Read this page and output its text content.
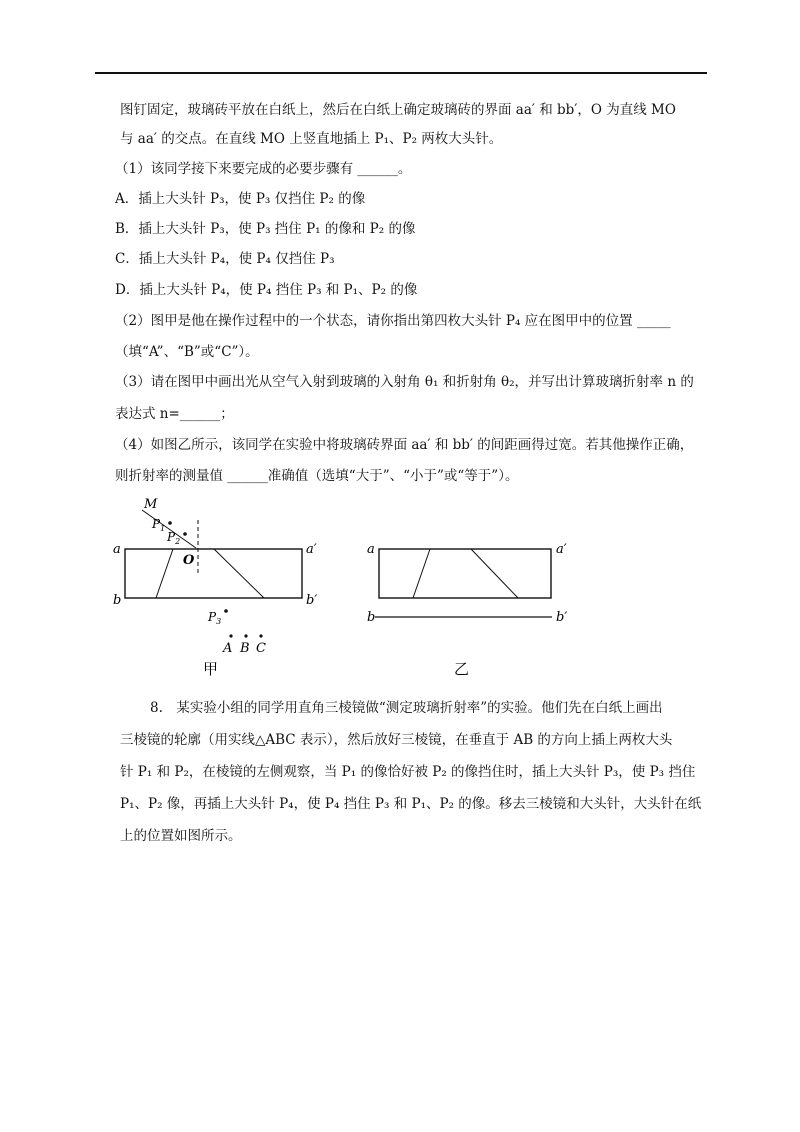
图钉固定，玻璃砖平放在白纸上，然后在白纸上确定玻璃砖的界面 aa′ 和 bb′，O 为直线 MO
与 aa′ 的交点。在直线 MO 上竖直地插上 P₁、P₂ 两枚大头针。
（1）该同学接下来要完成的必要步骤有 ______。
A．插上大头针 P₃，使 P₃ 仅挡住 P₂ 的像
B．插上大头针 P₃，使 P₃ 挡住 P₁ 的像和 P₂ 的像
C．插上大头针 P₄，使 P₄ 仅挡住 P₃
D．插上大头针 P₄，使 P₄ 挡住 P₃ 和 P₁、P₂ 的像
（2）图甲是他在操作过程中的一个状态，请你指出第四枚大头针 P₄ 应在图甲中的位置 _____
（填“A”、“B”或“C”）。
（3）请在图甲中画出光从空气入射到玻璃的入射角 θ₁ 和折射角 θ₂，并写出计算玻璃折射率 n 的
表达式 n=______；
（4）如图乙所示，该同学在实验中将玻璃砖界面 aa′ 和 bb′ 的间距画得过宽。若其他操作正确，
则折射率的测量值 ______准确值（选填“大于”、“小于”或“等于”）。
M
$P_1$
$P_2$
O
a	a′
b	b′
$P_3$
A B C
甲
a	a′
b	b′
乙
8.　某实验小组的同学用直角三棱镜做“测定玻璃折射率”的实验。他们先在白纸上画出
三棱镜的轮廓（用实线△ABC 表示），然后放好三棱镜，在垂直于 AB 的方向上插上两枚大头
针 P₁ 和 P₂，在棱镜的左侧观察，当 P₁ 的像恰好被 P₂ 的像挡住时，插上大头针 P₃，使 P₃ 挡住
P₁、P₂ 像，再插上大头针 P₄，使 P₄ 挡住 P₃ 和 P₁、P₂ 的像。移去三棱镜和大头针，大头针在纸
上的位置如图所示。
